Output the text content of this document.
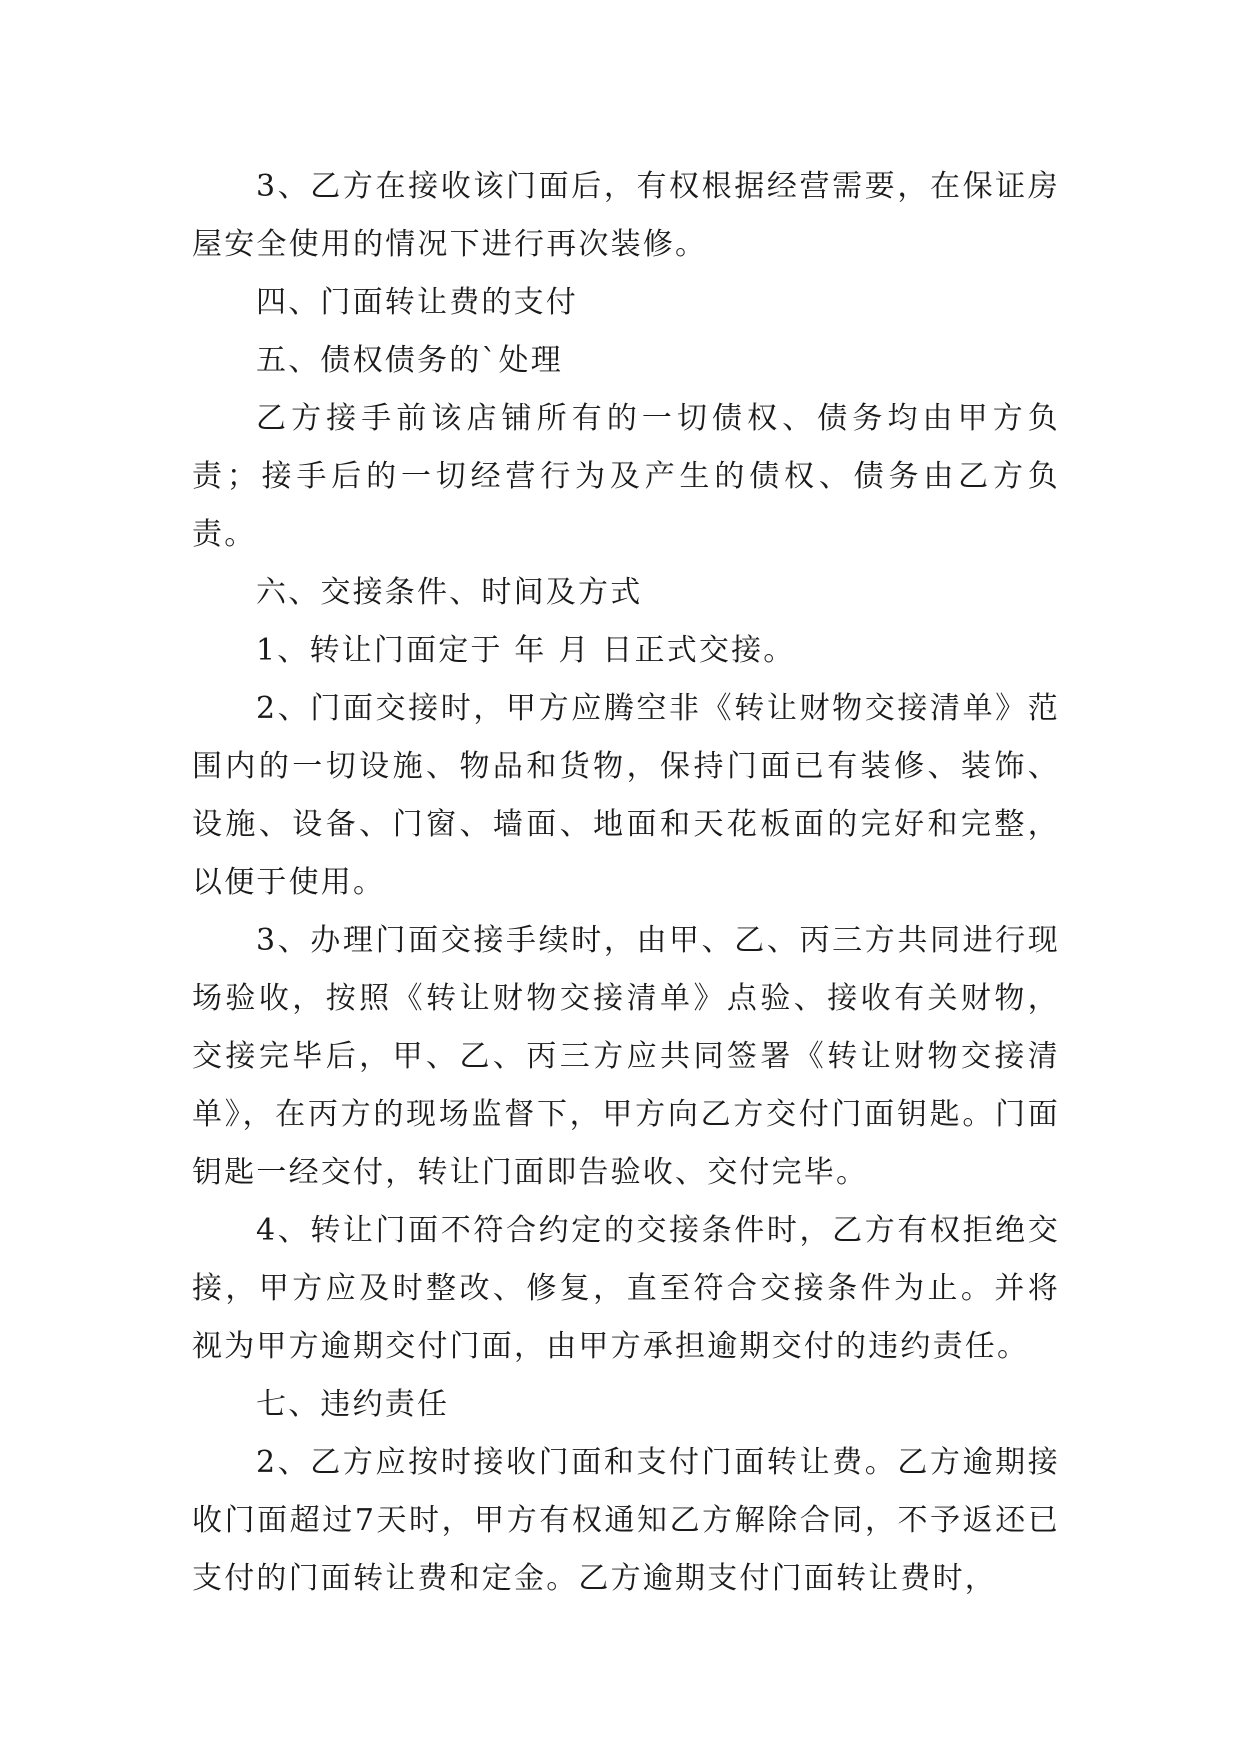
3、乙方在接收该门面后，有权根据经营需要，在保证房屋安全使用的情况下进行再次装修。

四、门面转让费的支付

五、债权债务的`处理

乙方接手前该店铺所有的一切债权、债务均由甲方负责；接手后的一切经营行为及产生的债权、债务由乙方负责。

六、交接条件、时间及方式

1、转让门面定于 年 月 日正式交接。

2、门面交接时，甲方应腾空非《转让财物交接清单》范围内的一切设施、物品和货物，保持门面已有装修、装饰、设施、设备、门窗、墙面、地面和天花板面的完好和完整，以便于使用。

3、办理门面交接手续时，由甲、乙、丙三方共同进行现场验收，按照《转让财物交接清单》点验、接收有关财物，交接完毕后，甲、乙、丙三方应共同签署《转让财物交接清单》，在丙方的现场监督下，甲方向乙方交付门面钥匙。门面钥匙一经交付，转让门面即告验收、交付完毕。

4、转让门面不符合约定的交接条件时，乙方有权拒绝交接，甲方应及时整改、修复，直至符合交接条件为止。并将视为甲方逾期交付门面，由甲方承担逾期交付的违约责任。

七、违约责任

2、乙方应按时接收门面和支付门面转让费。乙方逾期接收门面超过7天时，甲方有权通知乙方解除合同，不予返还已支付的门面转让费和定金。乙方逾期支付门面转让费时，
